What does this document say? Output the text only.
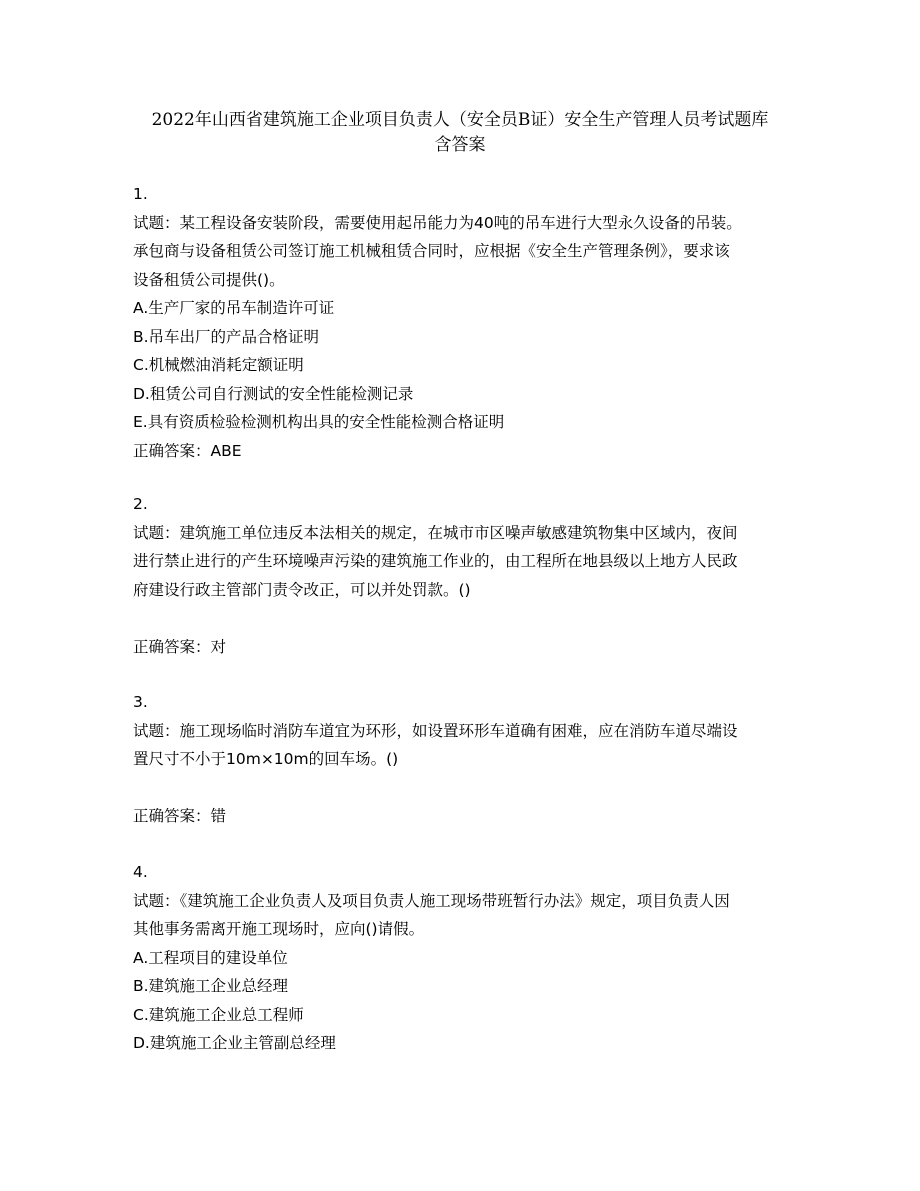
2022年山西省建筑施工企业项目负责人（安全员B证）安全生产管理人员考试题库
含答案
1.
试题：某工程设备安装阶段，需要使用起吊能力为40吨的吊车进行大型永久设备的吊装。
承包商与设备租赁公司签订施工机械租赁合同时，应根据《安全生产管理条例》，要求该
设备租赁公司提供()。
A.生产厂家的吊车制造许可证
B.吊车出厂的产品合格证明
C.机械燃油消耗定额证明
D.租赁公司自行测试的安全性能检测记录
E.具有资质检验检测机构出具的安全性能检测合格证明
正确答案：ABE
2.
试题：建筑施工单位违反本法相关的规定，在城市市区噪声敏感建筑物集中区域内，夜间
进行禁止进行的产生环境噪声污染的建筑施工作业的，由工程所在地县级以上地方人民政
府建设行政主管部门责令改正，可以并处罚款。()
正确答案：对
3.
试题：施工现场临时消防车道宜为环形，如设置环形车道确有困难，应在消防车道尽端设
置尺寸不小于10m×10m的回车场。()
正确答案：错
4.
试题：《建筑施工企业负责人及项目负责人施工现场带班暂行办法》规定，项目负责人因
其他事务需离开施工现场时，应向()请假。
A.工程项目的建设单位
B.建筑施工企业总经理
C.建筑施工企业总工程师
D.建筑施工企业主管副总经理
